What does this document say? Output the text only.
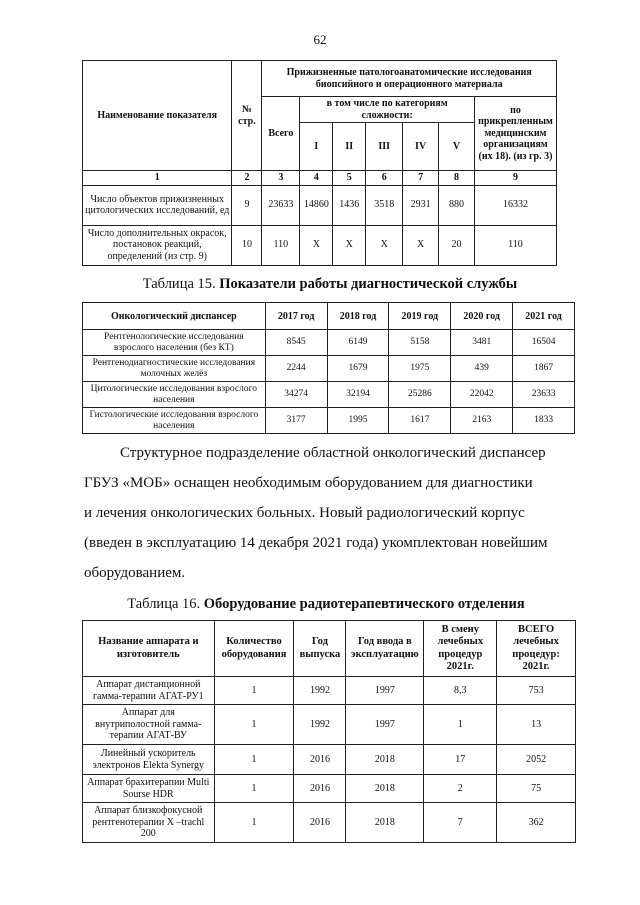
62
Наименование показателя	№ стр.	Прижизненные патологоанатомические исследования биопсийного и операционного материала						
		Всего	в том числе по категориям сложности:					по прикрепленным медицинским организациям (их 18). (из гр. 3)
			I	II	III	IV	V	
1	2	3	4	5	6	7	8	9
Число объектов прижизненных цитологических исследований, ед	9	23633	14860	1436	3518	2931	880	16332
Число дополнительных окрасок, постановок реакций, определений (из стр. 9)	10	110	X	X	X	X	20	110
Таблица 15. Показатели работы диагностической службы
Онкологический диспансер	2017 год	2018 год	2019 год	2020 год	2021 год
Рентгенологические исследования взрослого населения (без КТ)	8545	6149	5158	3481	16504
Рентгенодиагностические исследования молочных желёз	2244	1679	1975	439	1867
Цитологические исследования взрослого населения	34274	32194	25286	22042	23633
Гистологические исследования взрослого населения	3177	1995	1617	2163	1833
Структурное подразделение областной онкологический диспансер
ГБУЗ «МОБ» оснащен необходимым оборудованием для диагностики
и лечения онкологических больных. Новый радиологический корпус
(введен в эксплуатацию 14 декабря 2021 года) укомплектован новейшим
оборудованием.
Таблица 16. Оборудование радиотерапевтического отделения
Название аппарата и изготовитель	Количество оборудования	Год выпуска	Год ввода в эксплуатацию	В смену лечебных процедур 2021г.	ВСЕГО лечебных процедур: 2021г.
Аппарат дистанционной гамма-терапии АГАТ-РУ1	1	1992	1997	8,3	753
Аппарат для внутриполостной гамма-терапии АГАТ-ВУ	1	1992	1997	1	13
Линейный ускоритель электронов Elekta Synergy	1	2016	2018	17	2052
Аппарат брахитерапии Multi Sourse HDR	1	2016	2018	2	75
Аппарат близкофокусной рентгенотерапии X –trachl 200	1	2016	2018	7	362
